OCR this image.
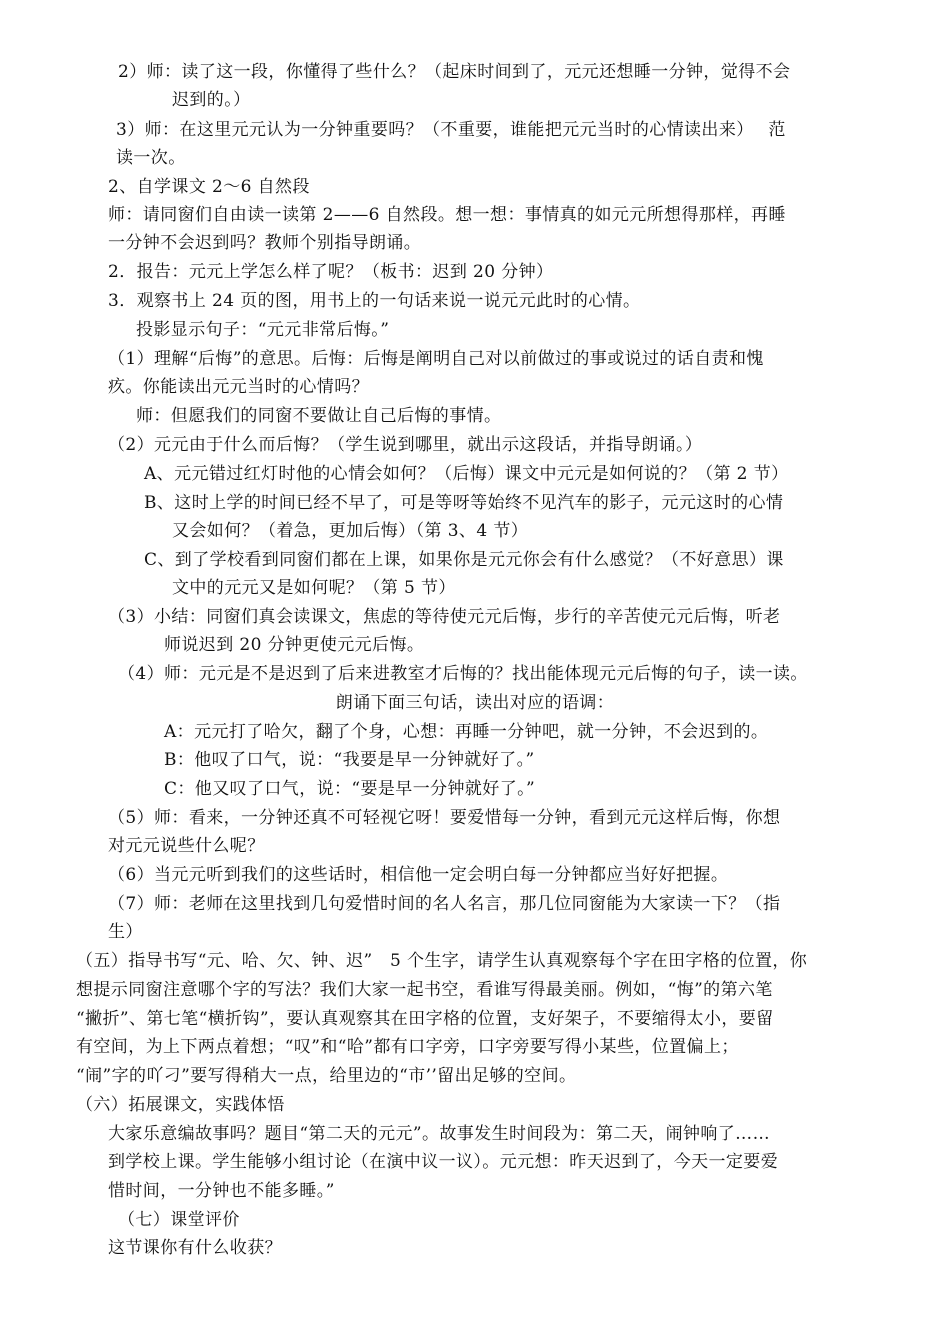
2）师：读了这一段，你懂得了些什么？（起床时间到了，元元还想睡一分钟，觉得不会
迟到的。）
3）师：在这里元元认为一分钟重要吗？（不重要，谁能把元元当时的心情读出来）　 范
读一次。
2、自学课文 2～6 自然段
师：请同窗们自由读一读第 2——6 自然段。想一想：事情真的如元元所想得那样，再睡
一分钟不会迟到吗？教师个别指导朗诵。
2．报告：元元上学怎么样了呢？（板书：迟到 20 分钟）
3．观察书上 24 页的图，用书上的一句话来说一说元元此时的心情。
投影显示句子：“元元非常后悔。”
（1）理解“后悔”的意思。后悔：后悔是阐明自己对以前做过的事或说过的话自责和愧
疚。你能读出元元当时的心情吗？
师：但愿我们的同窗不要做让自己后悔的事情。
（2）元元由于什么而后悔？（学生说到哪里，就出示这段话，并指导朗诵。）
A、元元错过红灯时他的心情会如何？（后悔）课文中元元是如何说的？（第 2 节）
B、这时上学的时间已经不早了，可是等呀等始终不见汽车的影子，元元这时的心情
又会如何？（着急，更加后悔）（第 3、4 节）
C、到了学校看到同窗们都在上课，如果你是元元你会有什么感觉？（不好意思）课
文中的元元又是如何呢？（第 5 节）
（3）小结：同窗们真会读课文，焦虑的等待使元元后悔，步行的辛苦使元元后悔，听老
师说迟到 20 分钟更使元元后悔。
（4）师：元元是不是迟到了后来进教室才后悔的？找出能体现元元后悔的句子，读一读。
朗诵下面三句话，读出对应的语调：
A：元元打了哈欠，翻了个身，心想：再睡一分钟吧，就一分钟，不会迟到的。
B：他叹了口气，说：“我要是早一分钟就好了。”
C：他又叹了口气，说：“要是早一分钟就好了。”
（5）师：看来，一分钟还真不可轻视它呀！要爱惜每一分钟，看到元元这样后悔，你想
对元元说些什么呢？
（6）当元元听到我们的这些话时，相信他一定会明白每一分钟都应当好好把握。
（7）师：老师在这里找到几句爱惜时间的名人名言，那几位同窗能为大家读一下？（指
生）
（五）指导书写“元、哈、欠、钟、迟”　5 个生字，请学生认真观察每个字在田字格的位置，你
想提示同窗注意哪个字的写法？我们大家一起书空，看谁写得最美丽。例如，“悔”的第六笔
“撇折”、第七笔“横折钩”，要认真观察其在田字格的位置，支好架子，不要缩得太小，要留
有空间，为上下两点着想；“叹”和“哈”都有口字旁，口字旁要写得小某些，位置偏上；
“闹”字的吖刁”要写得稍大一点，给里边的“市’’留出足够的空间。
（六）拓展课文，实践体悟
大家乐意编故事吗？题目“第二天的元元”。故事发生时间段为：第二天，闹钟响了……
到学校上课。学生能够小组讨论（在演中议一议）。元元想：昨天迟到了，今天一定要爱
惜时间，一分钟也不能多睡。”
（七）课堂评价
这节课你有什么收获？
